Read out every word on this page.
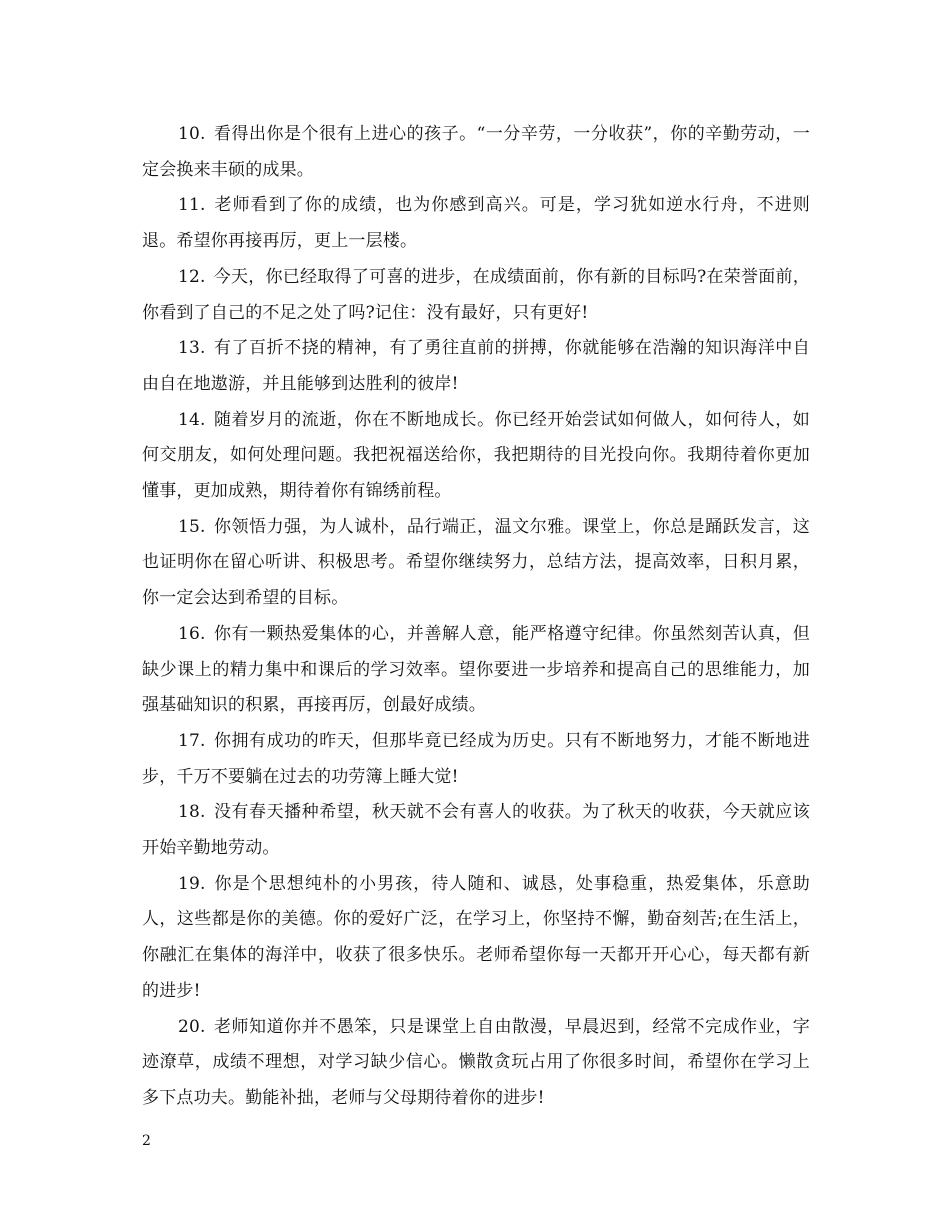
10. 看得出你是个很有上进心的孩子。“一分辛劳，一分收获”，你的辛勤劳动，一定会换来丰硕的成果。

11. 老师看到了你的成绩，也为你感到高兴。可是，学习犹如逆水行舟，不进则退。希望你再接再厉，更上一层楼。

12. 今天，你已经取得了可喜的进步，在成绩面前，你有新的目标吗?在荣誉面前，你看到了自己的不足之处了吗?记住：没有最好，只有更好!

13. 有了百折不挠的精神，有了勇往直前的拼搏，你就能够在浩瀚的知识海洋中自由自在地遨游，并且能够到达胜利的彼岸!

14. 随着岁月的流逝，你在不断地成长。你已经开始尝试如何做人，如何待人，如何交朋友，如何处理问题。我把祝福送给你，我把期待的目光投向你。我期待着你更加懂事，更加成熟，期待着你有锦绣前程。

15. 你领悟力强，为人诚朴，品行端正，温文尔雅。课堂上，你总是踊跃发言，这也证明你在留心听讲、积极思考。希望你继续努力，总结方法，提高效率，日积月累，你一定会达到希望的目标。

16. 你有一颗热爱集体的心，并善解人意，能严格遵守纪律。你虽然刻苦认真，但缺少课上的精力集中和课后的学习效率。望你要进一步培养和提高自己的思维能力，加强基础知识的积累，再接再厉，创最好成绩。

17. 你拥有成功的昨天，但那毕竟已经成为历史。只有不断地努力，才能不断地进步，千万不要躺在过去的功劳簿上睡大觉!

18. 没有春天播种希望，秋天就不会有喜人的收获。为了秋天的收获，今天就应该开始辛勤地劳动。

19. 你是个思想纯朴的小男孩，待人随和、诚恳，处事稳重，热爱集体，乐意助人，这些都是你的美德。你的爱好广泛，在学习上，你坚持不懈，勤奋刻苦;在生活上，你融汇在集体的海洋中，收获了很多快乐。老师希望你每一天都开开心心，每天都有新的进步!

20. 老师知道你并不愚笨，只是课堂上自由散漫，早晨迟到，经常不完成作业，字迹潦草，成绩不理想，对学习缺少信心。懒散贪玩占用了你很多时间，希望你在学习上多下点功夫。勤能补拙，老师与父母期待着你的进步!

2
